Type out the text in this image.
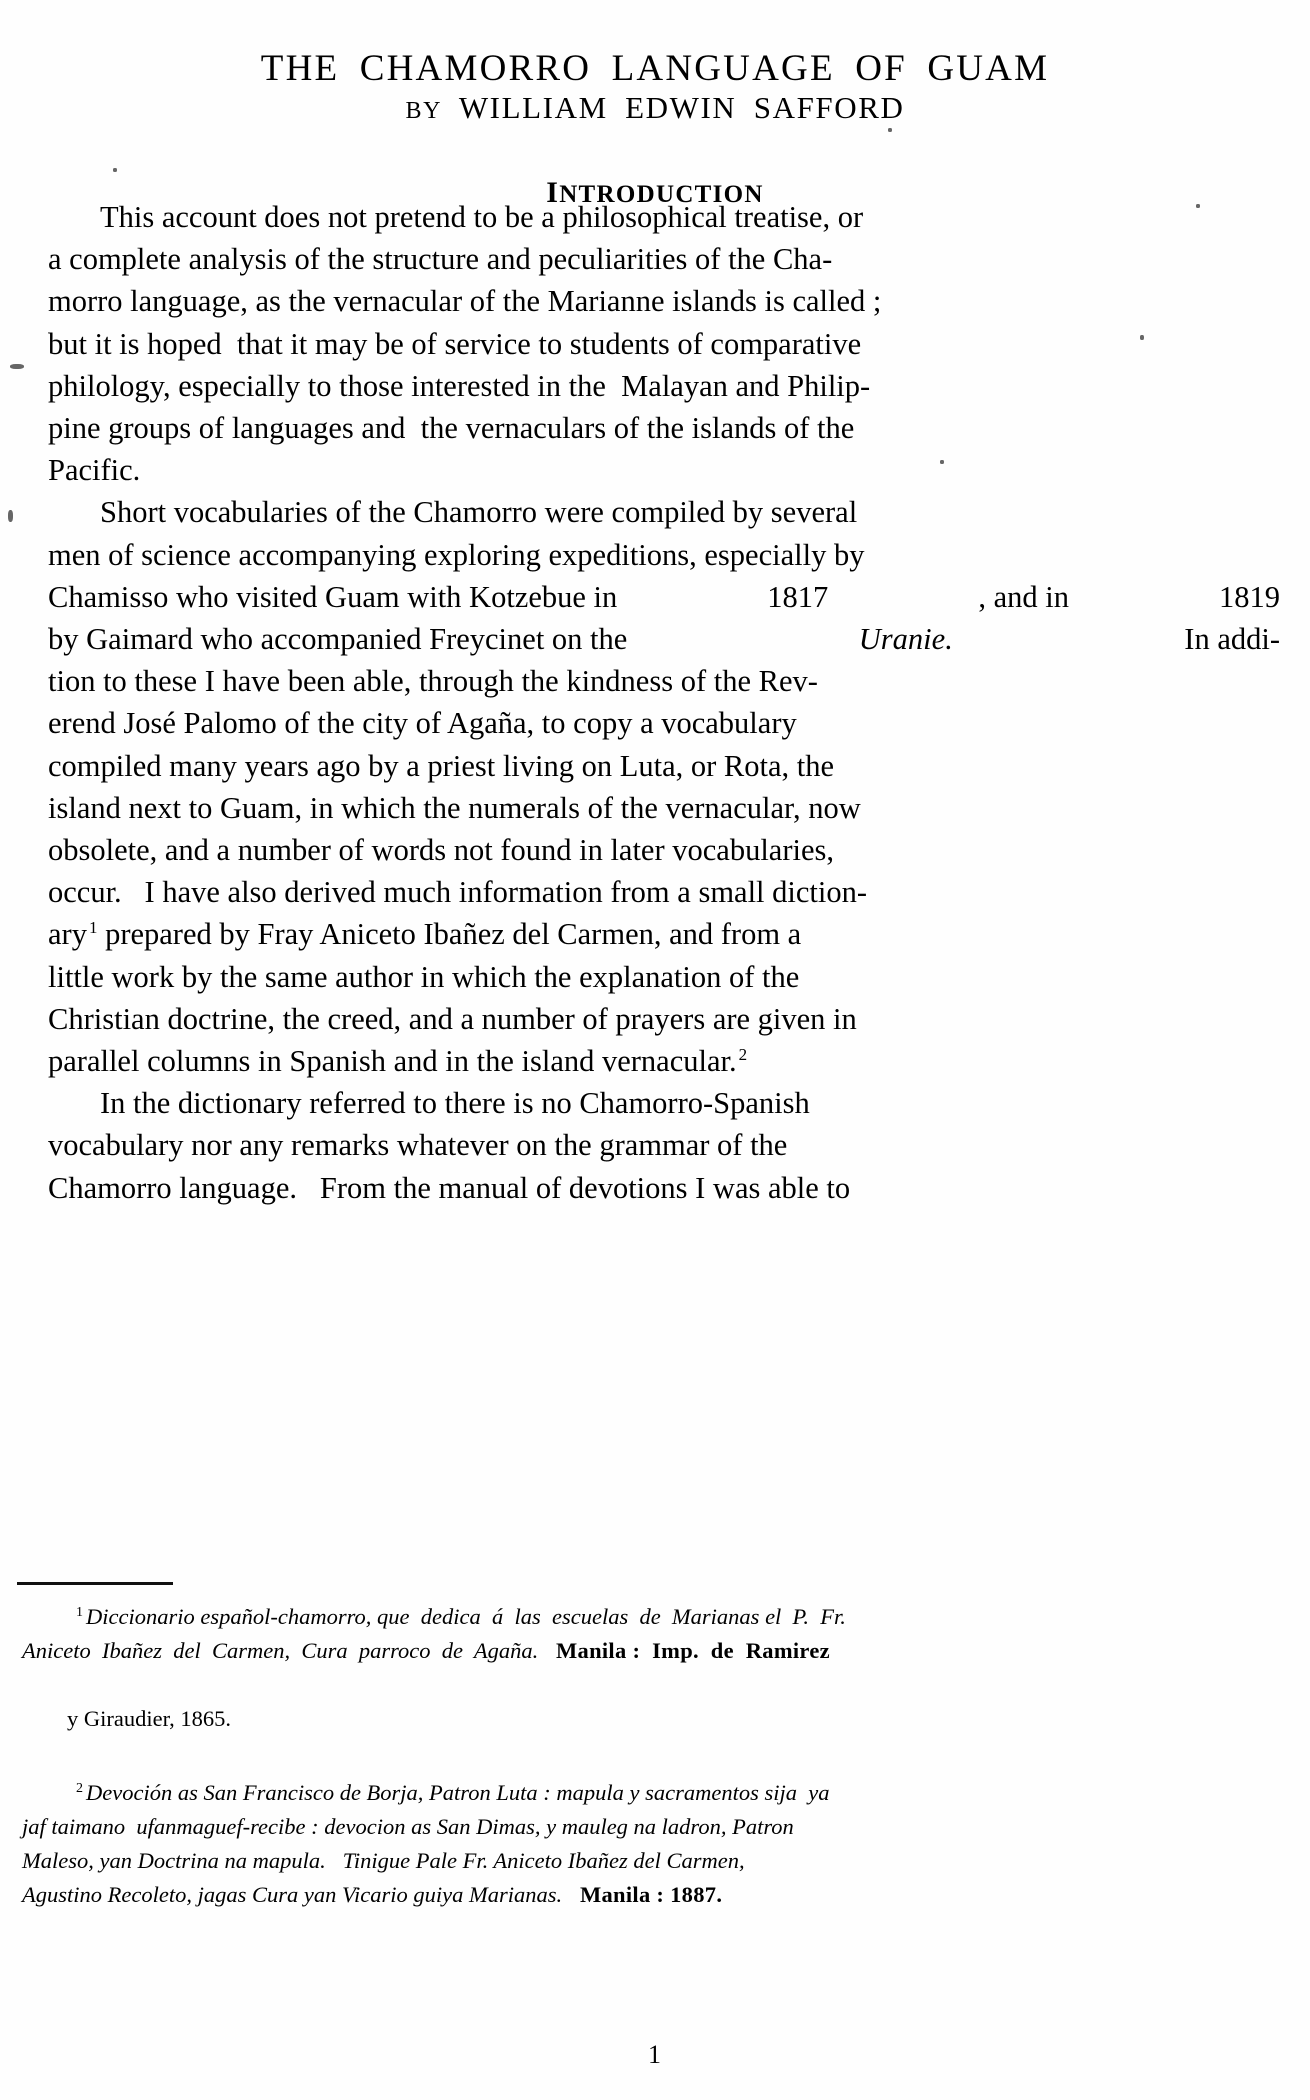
THE CHAMORRO LANGUAGE OF GUAM
BY WILLIAM EDWIN SAFFORD
INTRODUCTION
This account does not pretend to be a philosophical treatise, or
a complete analysis of the structure and peculiarities of the Cha-
morro language, as the vernacular of the Marianne islands is called ;
but it is hoped  that it may be of service to students of comparative
philology, especially to those interested in the  Malayan and Philip-
pine groups of languages and  the vernaculars of the islands of the
Pacific.
Short vocabularies of the Chamorro were compiled by several
men of science accompanying exploring expeditions, especially by
Chamisso who visited Guam with Kotzebue in	1817	, and in	1819
by Gaimard who accompanied Freycinet on the	Uranie.	In addi-
tion to these I have been able, through the kindness of the Rev-
erend José Palomo of the city of Agaña, to copy a vocabulary
compiled many years ago by a priest living on Luta, or Rota, the
island next to Guam, in which the numerals of the vernacular, now
obsolete, and a number of words not found in later vocabularies,
occur.   I have also derived much information from a small diction-
ary $^1$ prepared by Fray Aniceto Ibañez del Carmen, and from a
little work by the same author in which the explanation of the
Christian doctrine, the creed, and a number of prayers are given in
parallel columns in Spanish and in the island vernacular. $^2$
In the dictionary referred to there is no Chamorro-Spanish
vocabulary nor any remarks whatever on the grammar of the
Chamorro language.   From the manual of devotions I was able to
$^1$ Diccionario español-chamorro, que  dedica  á  las  escuelas  de  Marianas el  P.  Fr.
Aniceto  Ibañez  del  Carmen,  Cura  parroco  de  Agaña. Manila :  Imp.  de  Ramirez

y Giraudier, 1865.

$^2$ Devoción as San Francisco de Borja, Patron Luta : mapula y sacramentos sija  ya
jaf taimano  ufanmaguef-recibe : devocion as San Dimas, y mauleg na ladron, Patron
Maleso, yan Doctrina na mapula.   Tinigue Pale Fr. Aniceto Ibañez del Carmen,
Agustino Recoleto, jagas Cura yan Vicario guiya Marianas. Manila : 1887.
1
